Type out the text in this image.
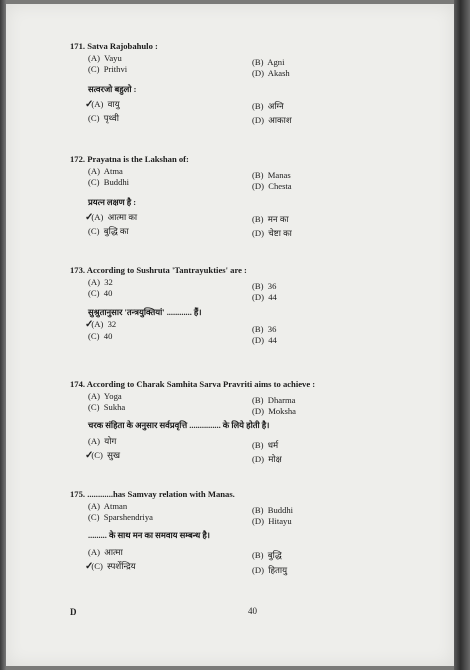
171. Satva Rajobahulo :
(A) Vayu	(B) Agni
(C) Prithvi	(D) Akash
सत्वरजो बहुलो :
✓(A) वायु	(B) अग्नि
(C) पृथ्वी	(D) आकाश
172. Prayatna is the Lakshan of:
(A) Atma	(B) Manas
(C) Buddhi	(D) Chesta
प्रयत्न लक्षण है :
✓(A) आत्मा का	(B) मन का
(C) बुद्धि का	(D) चेष्टा का
173. According to Sushruta 'Tantrayukties' are :
(A) 32	(B) 36
(C) 40	(D) 44
सुश्रुतानुसार 'तन्त्रयुक्तियां' ............ हैं।
✓(A) 32	(B) 36
(C) 40	(D) 44
174. According to Charak Samhita Sarva Pravriti aims to achieve :
(A) Yoga	(B) Dharma
(C) Sukha	(D) Moksha
चरक संहिता के अनुसार सर्वप्रवृत्ति ............... के लिये होती है।
(A) योग	(B) धर्म
✓(C) सुख	(D) मोक्ष
175. ............has Samvay relation with Manas.
(A) Atman	(B) Buddhi
(C) Sparshendriya	(D) Hitayu
......... के साथ मन का समवाय सम्बन्ध है।
(A) आत्मा	(B) बुद्धि
✓(C) स्पर्शेन्द्रिय	(D) हितायु
D	40
